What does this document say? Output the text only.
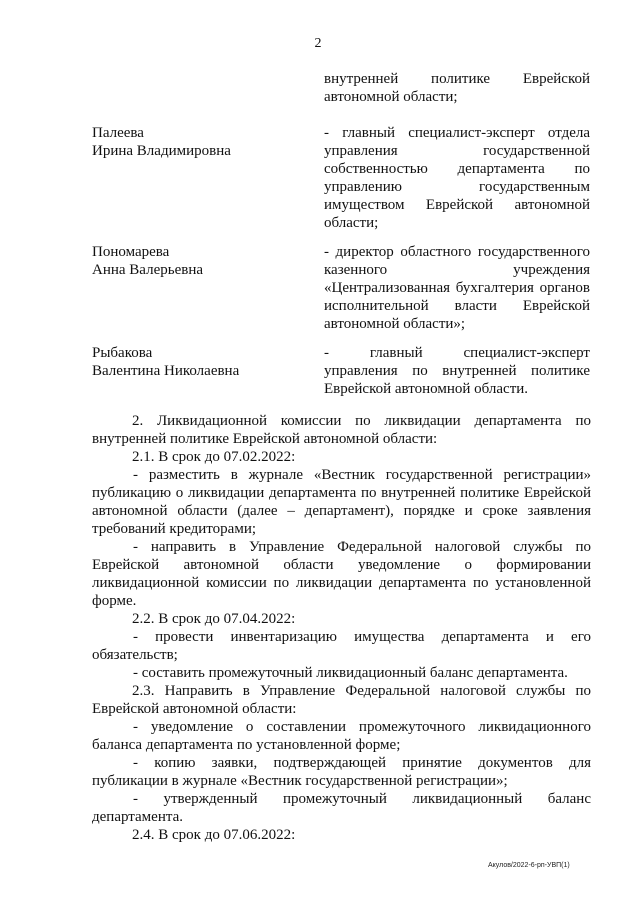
2
внутренней политике Еврейской
автономной области;
Палеева
Ирина Владимировна
- главный специалист-эксперт отдела
управления государственной
собственностью департамента по
управлению государственным
имуществом Еврейской автономной
области;
Пономарева
Анна Валерьевна
- директор областного государственного
казенного учреждения
«Централизованная бухгалтерия органов
исполнительной власти Еврейской
автономной области»;
Рыбакова
Валентина Николаевна
- главный специалист-эксперт
управления по внутренней политике
Еврейской автономной области.
2. Ликвидационной комиссии по ликвидации департамента по
внутренней политике Еврейской автономной области:
2.1. В срок до 07.02.2022:
- разместить в журнале «Вестник государственной регистрации»
публикацию о ликвидации департамента по внутренней политике Еврейской
автономной области (далее – департамент), порядке и сроке заявления
требований кредиторами;
- направить в Управление Федеральной налоговой службы по
Еврейской автономной области уведомление о формировании
ликвидационной комиссии по ликвидации департамента по установленной
форме.
2.2. В срок до 07.04.2022:
- провести инвентаризацию имущества департамента и его
обязательств;
- составить промежуточный ликвидационный баланс департамента.
2.3. Направить в Управление Федеральной налоговой службы по
Еврейской автономной области:
- уведомление о составлении промежуточного ликвидационного
баланса департамента по установленной форме;
- копию заявки, подтверждающей принятие документов для
публикации в журнале «Вестник государственной регистрации»;
- утвержденный промежуточный ликвидационный баланс
департамента.
2.4. В срок до 07.06.2022:
Акулов/2022-6-рп-УВП(1)
